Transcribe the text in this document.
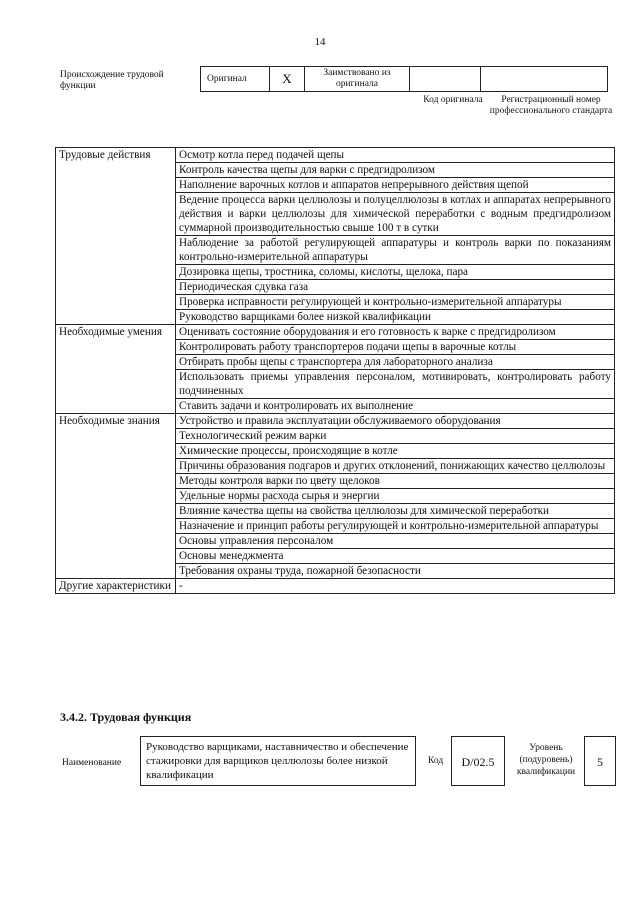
14
Происхождение трудовой функции
Оригинал	X	Заимствовано из оригинала		
Код оригинала	Регистрационный номер профессионального стандарта
Трудовые действия	Осмотр котла перед подачей щепы
	Контроль качества щепы для варки с предгидролизом
	Наполнение варочных котлов и аппаратов непрерывного действия щепой
	Ведение процесса варки целлюлозы и полуцеллюлозы в котлах и аппаратах непрерывного действия и варки целлюлозы для химической переработки с водным предгидролизом суммарной производительностью свыше 100 т в сутки
	Наблюдение за работой регулирующей аппаратуры и контроль варки по показаниям контрольно-измерительной аппаратуры
	Дозировка щепы, тростника, соломы, кислоты, щелока, пара
	Периодическая сдувка газа
	Проверка исправности регулирующей и контрольно-измерительной аппаратуры
	Руководство варщиками более низкой квалификации
Необходимые умения	Оценивать состояние оборудования и его готовность к варке с предгидролизом
	Контролировать работу транспортеров подачи щепы в варочные котлы
	Отбирать пробы щепы с транспортера для лабораторного анализа
	Использовать приемы управления персоналом, мотивировать, контролировать работу подчиненных
	Ставить задачи и контролировать их выполнение
Необходимые знания	Устройство и правила эксплуатации обслуживаемого оборудования
	Технологический режим варки
	Химические процессы, происходящие в котле
	Причины образования подгаров и других отклонений, понижающих качество целлюлозы
	Методы контроля варки по цвету щелоков
	Удельные нормы расхода сырья и энергии
	Влияние качества щепы на свойства целлюлозы для химической переработки
	Назначение и принцип работы регулирующей и контрольно-измерительной аппаратуры
	Основы управления персоналом
	Основы менеджмента
	Требования охраны труда, пожарной безопасности
Другие характеристики	-
3.4.2. Трудовая функция
Наименование
Руководство варщиками, наставничество и обеспечение стажировки для варщиков целлюлозы более низкой квалификации
Код	D/02.5
Уровень (подуровень) квалификации
5
